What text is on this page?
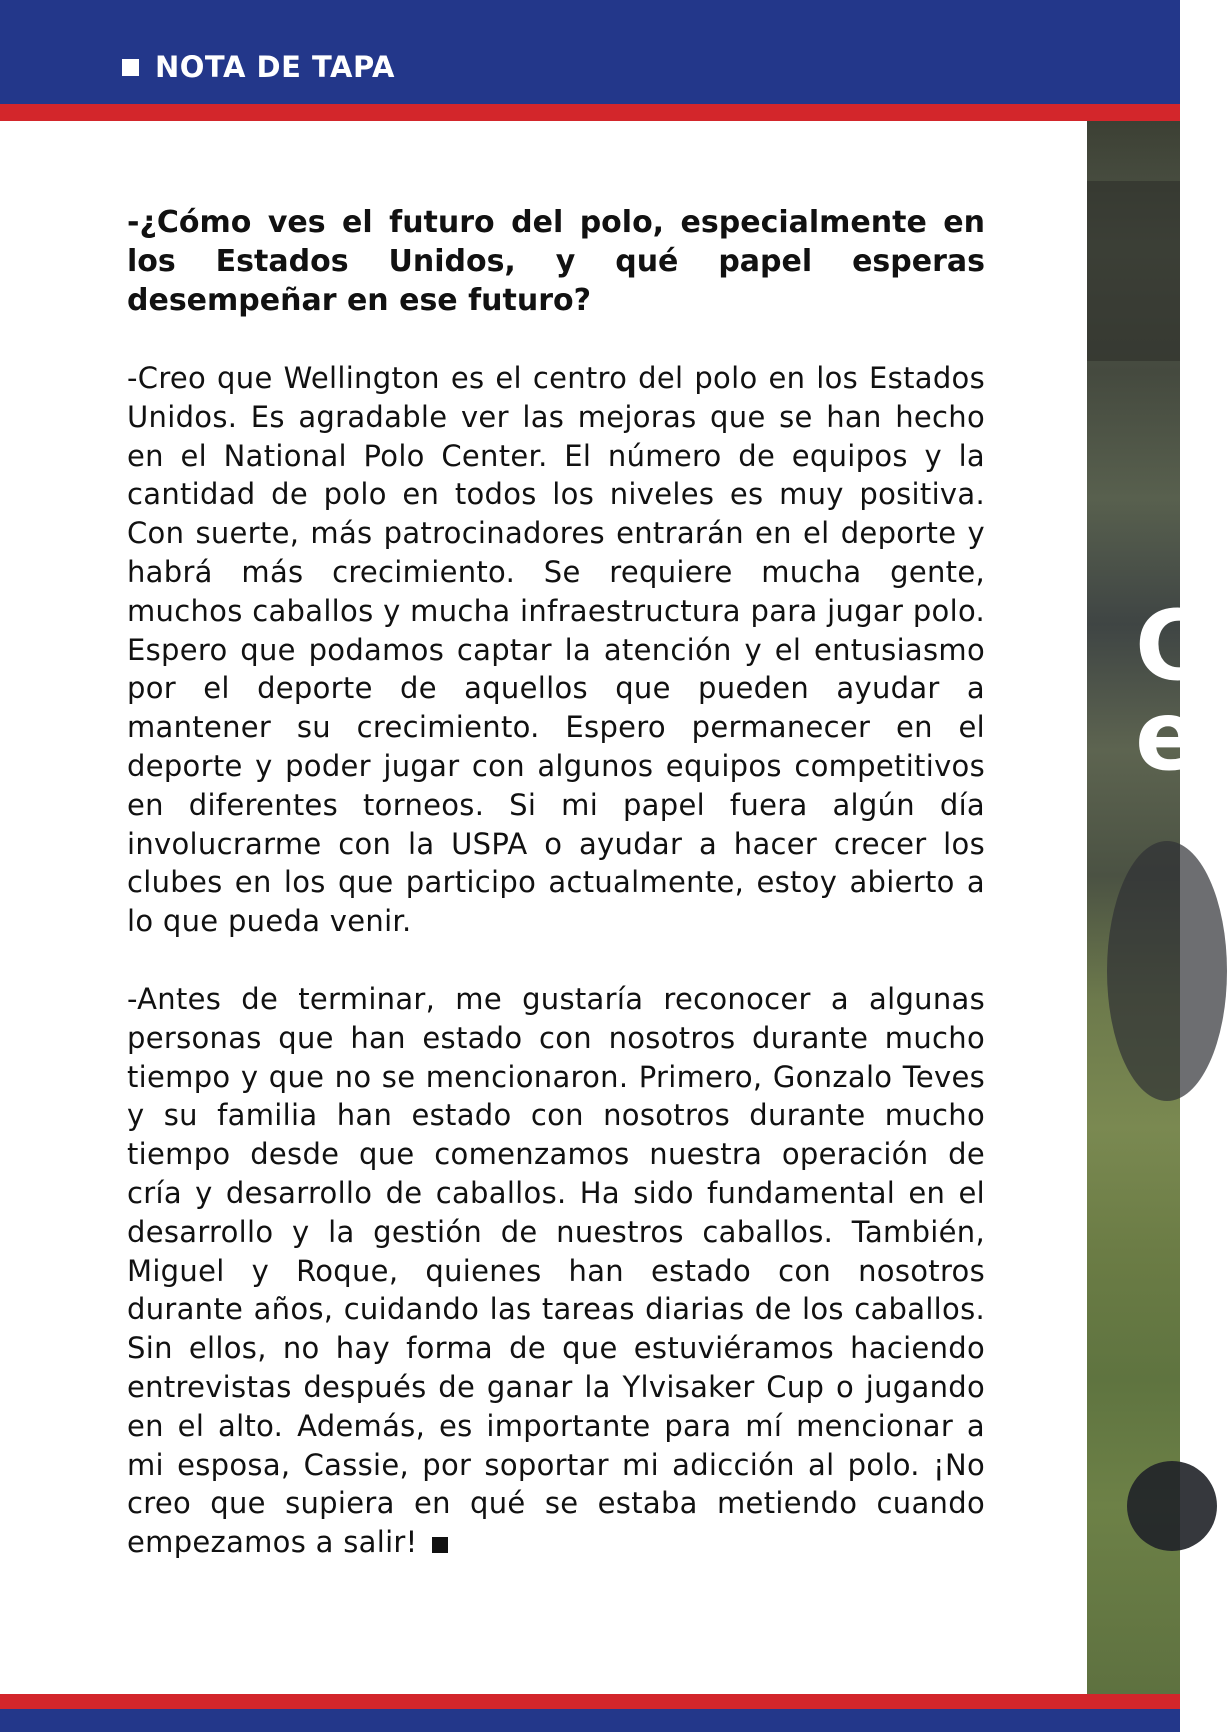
NOTA DE TAPA
C
e

-¿Cómo ves el futuro del polo, especialmente en los Estados Unidos, y qué papel esperas desempeñar en ese futuro?

-Creo que Wellington es el centro del polo en los Estados Unidos. Es agradable ver las mejoras que se han hecho en el National Polo Center. El número de equipos y la cantidad de polo en todos los niveles es muy positiva. Con suerte, más patrocinadores entrarán en el deporte y habrá más crecimiento. Se requiere mucha gente, muchos caballos y mucha infraestructura para jugar polo. Espero que podamos captar la atención y el entusiasmo por el deporte de aquellos que pueden ayudar a mantener su crecimiento. Espero permanecer en el deporte y poder jugar con algunos equipos competitivos en diferentes torneos. Si mi papel fuera algún día involucrarme con la USPA o ayudar a hacer crecer los clubes en los que participo actualmente, estoy abierto a lo que pueda venir.

-Antes de terminar, me gustaría reconocer a algunas personas que han estado con nosotros durante mucho tiempo y que no se mencionaron. Primero, Gonzalo Teves y su familia han estado con nosotros durante mucho tiempo desde que comenzamos nuestra operación de cría y desarrollo de caballos. Ha sido fundamental en el desarrollo y la gestión de nuestros caballos. También, Miguel y Roque, quienes han estado con nosotros durante años, cuidando las tareas diarias de los caballos. Sin ellos, no hay forma de que estuviéramos haciendo entrevistas después de ganar la Ylvisaker Cup o jugando en el alto. Además, es importante para mí mencionar a mi esposa, Cassie, por soportar mi adicción al polo. ¡No creo que supiera en qué se estaba metiendo cuando empezamos a salir!
